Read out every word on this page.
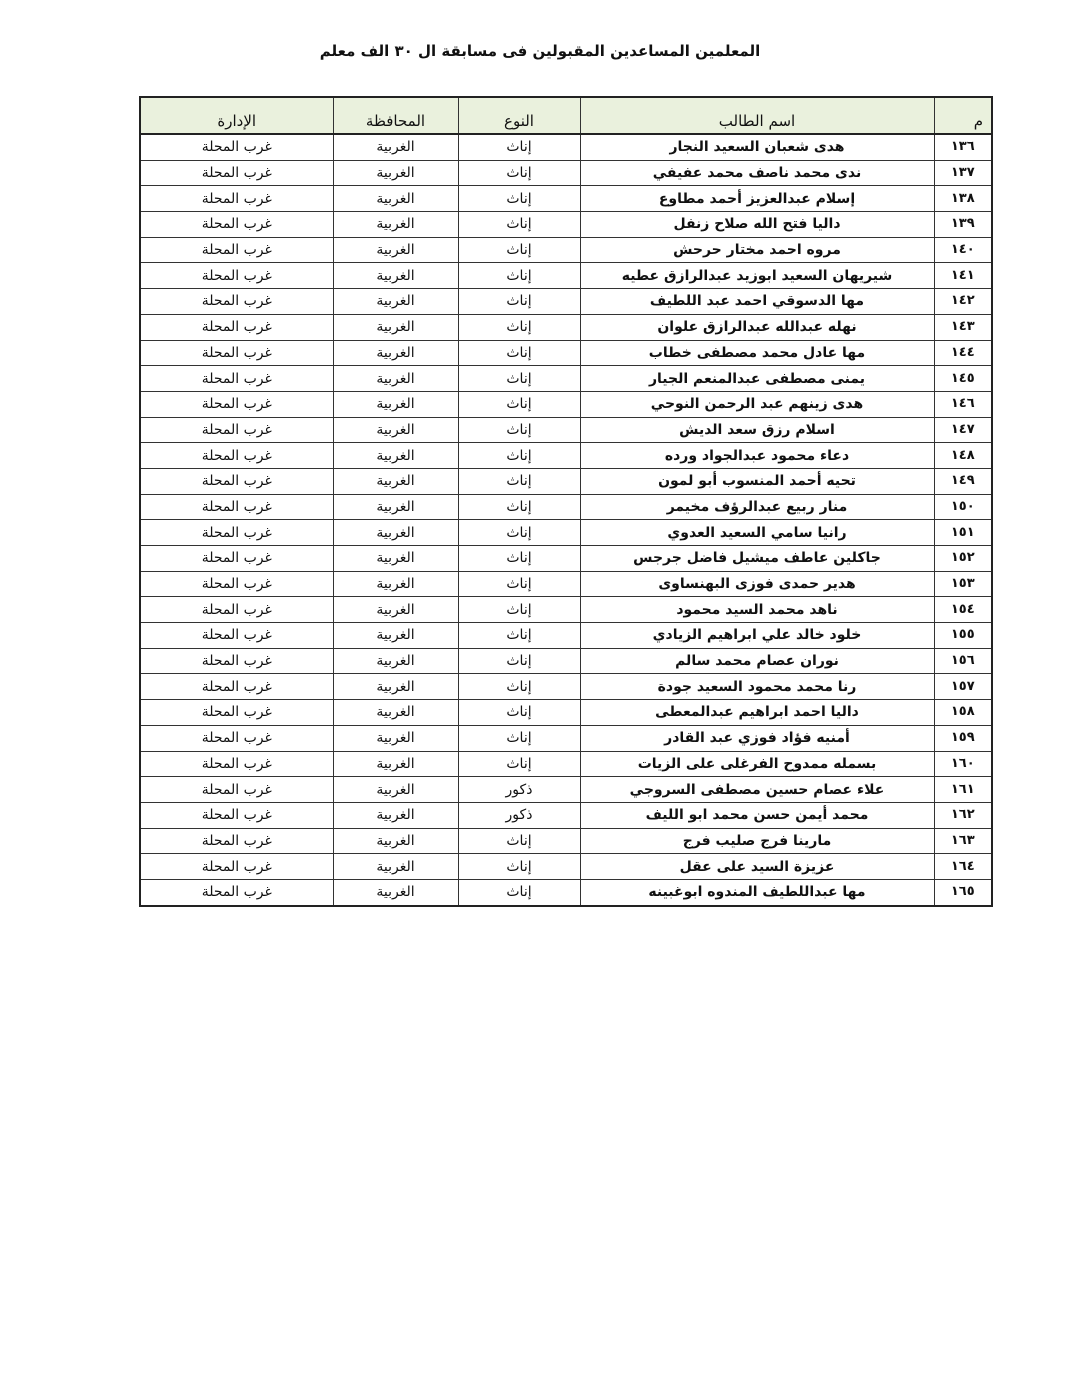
المعلمين المساعدين المقبولين فى مسابقة ال ٣٠ الف معلم
م	اسم الطالب	النوع	المحافظة	الإدارة
١٣٦	هدى شعبان السعيد النجار	إناث	الغربية	غرب المحلة
١٣٧	ندى محمد ناصف محمد عفيفي	إناث	الغربية	غرب المحلة
١٣٨	إسلام عبدالعزيز أحمد مطاوع	إناث	الغربية	غرب المحلة
١٣٩	داليا فتح الله صلاح زنفل	إناث	الغربية	غرب المحلة
١٤٠	مروه احمد مختار حرحش	إناث	الغربية	غرب المحلة
١٤١	شيريهان السعيد ابوزيد عبدالرازق عطيه	إناث	الغربية	غرب المحلة
١٤٢	مها الدسوقي احمد عبد اللطيف	إناث	الغربية	غرب المحلة
١٤٣	نهله عبدالله عبدالرازق علوان	إناث	الغربية	غرب المحلة
١٤٤	مها عادل محمد مصطفى خطاب	إناث	الغربية	غرب المحلة
١٤٥	يمنى مصطفى عبدالمنعم الجيار	إناث	الغربية	غرب المحلة
١٤٦	هدى زينهم عبد الرحمن النوحي	إناث	الغربية	غرب المحلة
١٤٧	اسلام رزق سعد الديش	إناث	الغربية	غرب المحلة
١٤٨	دعاء محمود عبدالجواد ورده	إناث	الغربية	غرب المحلة
١٤٩	تحيه أحمد المنسوب أبو لمون	إناث	الغربية	غرب المحلة
١٥٠	منار ربيع عبدالرؤف مخيمر	إناث	الغربية	غرب المحلة
١٥١	رانيا سامي السعيد العدوي	إناث	الغربية	غرب المحلة
١٥٢	جاكلين عاطف ميشيل فاضل جرجس	إناث	الغربية	غرب المحلة
١٥٣	هدير حمدى فوزى البهنساوى	إناث	الغربية	غرب المحلة
١٥٤	ناهد محمد السيد محمود	إناث	الغربية	غرب المحلة
١٥٥	خلود خالد علي ابراهيم الزيادي	إناث	الغربية	غرب المحلة
١٥٦	نوران عصام محمد سالم	إناث	الغربية	غرب المحلة
١٥٧	رنا محمد محمود السعيد جودة	إناث	الغربية	غرب المحلة
١٥٨	داليا احمد ابراهيم عبدالمعطى	إناث	الغربية	غرب المحلة
١٥٩	أمنيه فؤاد فوزي عبد القادر	إناث	الغربية	غرب المحلة
١٦٠	بسمله ممدوح الفرغلى على الزيات	إناث	الغربية	غرب المحلة
١٦١	علاء عصام حسين مصطفى السروجي	ذكور	الغربية	غرب المحلة
١٦٢	محمد أيمن حسن محمد ابو الليف	ذكور	الغربية	غرب المحلة
١٦٣	مارينا فرج صليب فرج	إناث	الغربية	غرب المحلة
١٦٤	عزيزة السيد على عقل	إناث	الغربية	غرب المحلة
١٦٥	مها عبداللطيف المندوه ابوغبينه	إناث	الغربية	غرب المحلة
